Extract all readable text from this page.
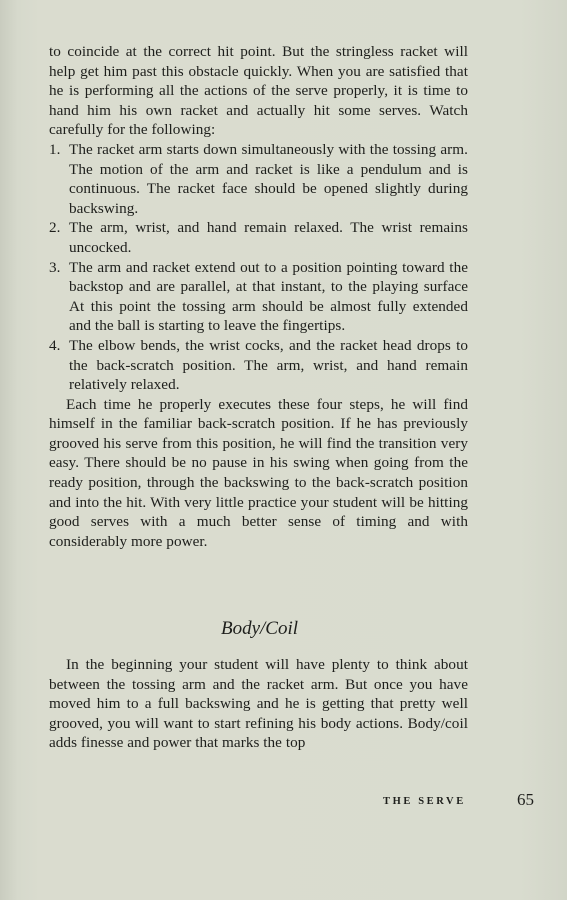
to coincide at the correct hit point. But the stringless racket will help get him past this obstacle quickly. When you are satisfied that he is performing all the actions of the serve properly, it is time to hand him his own racket and actually hit some serves. Watch carefully for the following:

1. The racket arm starts down simultaneously with the tossing arm. The motion of the arm and racket is like a pendulum and is continuous. The racket face should be opened slightly during backswing.
2. The arm, wrist, and hand remain relaxed. The wrist remains uncocked.
3. The arm and racket extend out to a position pointing toward the backstop and are parallel, at that instant, to the playing surface At this point the tossing arm should be almost fully extended and the ball is starting to leave the fingertips.
4. The elbow bends, the wrist cocks, and the racket head drops to the back-scratch position. The arm, wrist, and hand remain relatively relaxed.

Each time he properly executes these four steps, he will find himself in the familiar back-scratch position. If he has previously grooved his serve from this position, he will find the transition very easy. There should be no pause in his swing when going from the ready position, through the backswing to the back-scratch position and into the hit. With very little practice your student will be hitting good serves with a much better sense of timing and with considerably more power.

Body/Coil

In the beginning your student will have plenty to think about between the tossing arm and the racket arm. But once you have moved him to a full backswing and he is getting that pretty well grooved, you will want to start refining his body actions. Body/coil adds finesse and power that marks the top

THE SERVE	65
